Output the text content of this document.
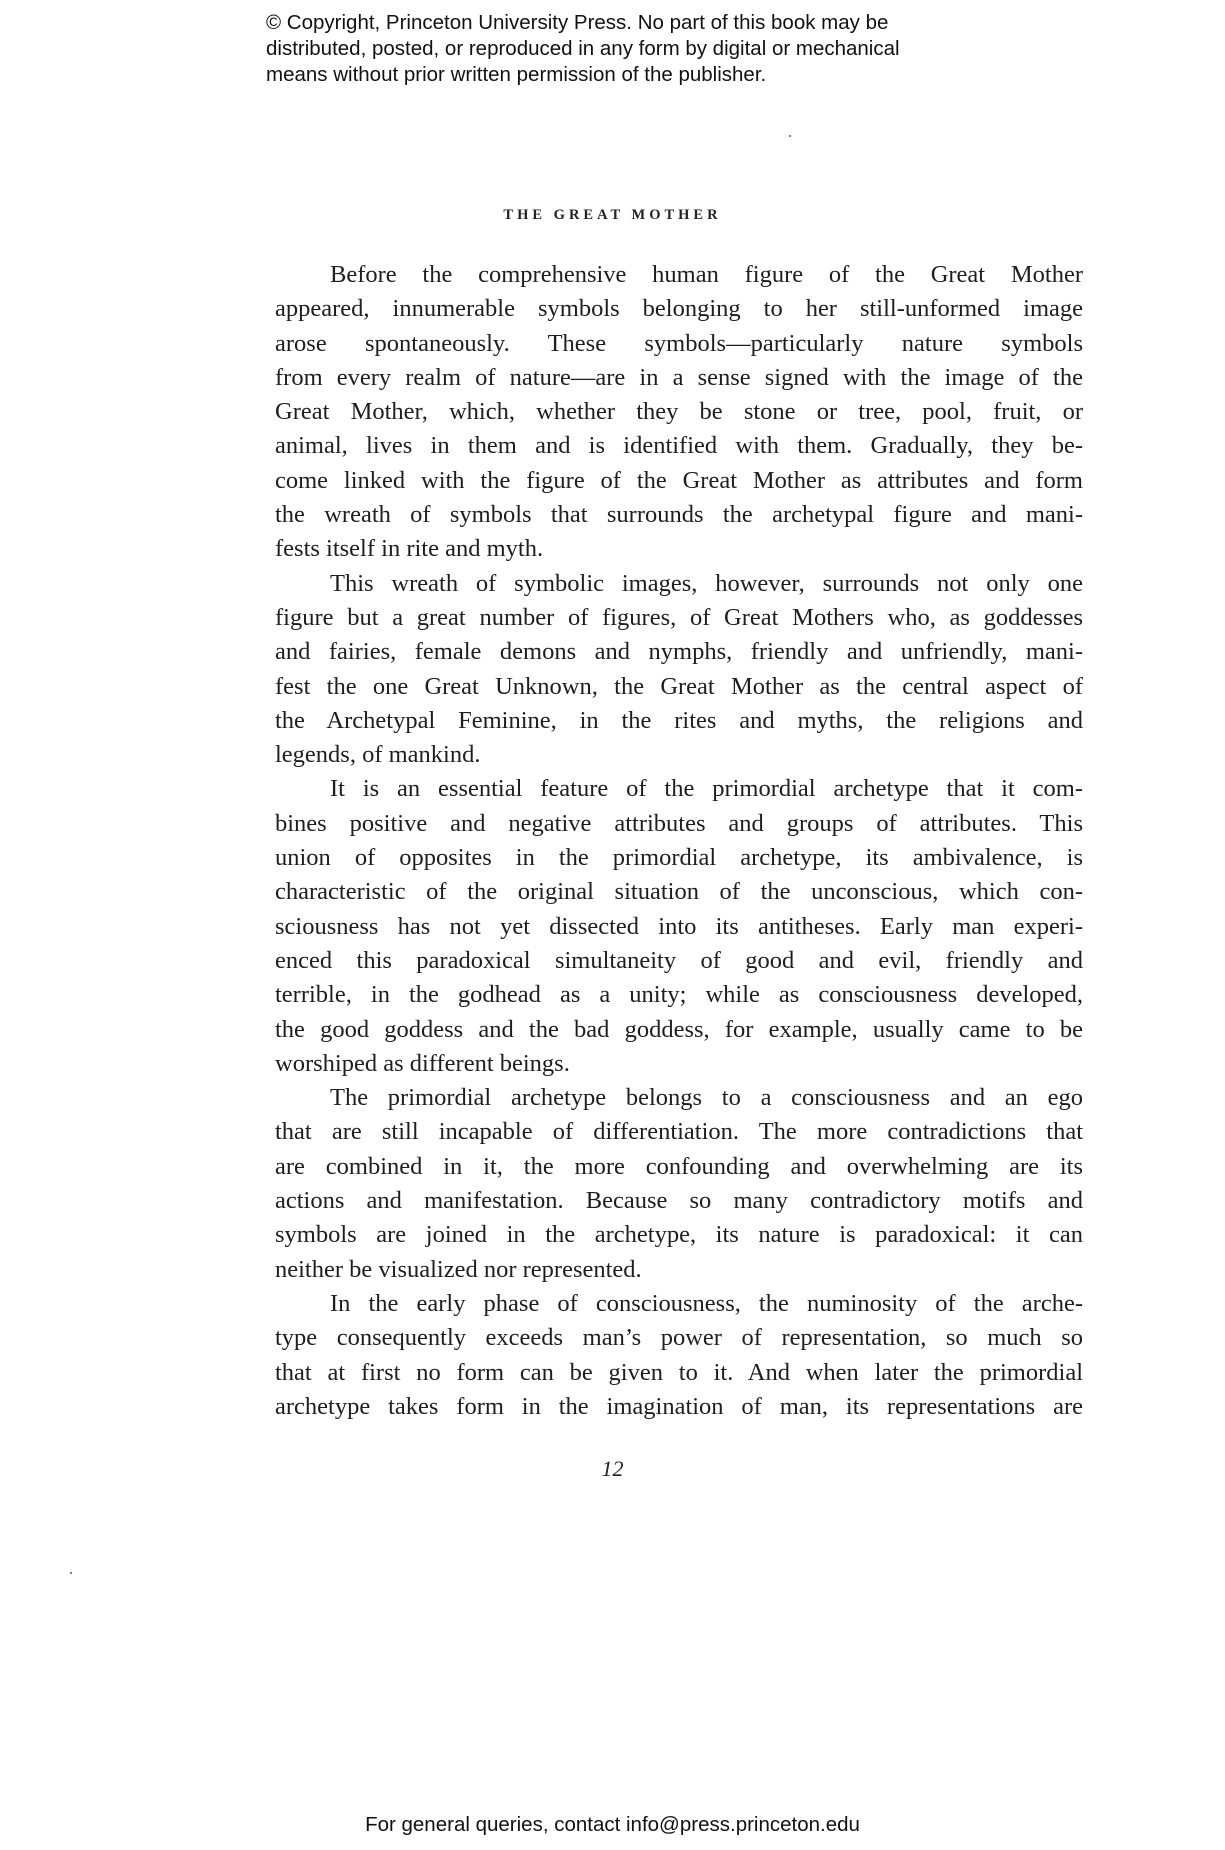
© Copyright, Princeton University Press. No part of this book may be
distributed, posted, or reproduced in any form by digital or mechanical
means without prior written permission of the publisher.
THE GREAT MOTHER
Before the comprehensive human figure of the Great Mother
appeared, innumerable symbols belonging to her still-unformed image
arose spontaneously. These symbols—particularly nature symbols
from every realm of nature—are in a sense signed with the image of the
Great Mother, which, whether they be stone or tree, pool, fruit, or
animal, lives in them and is identified with them. Gradually, they be-
come linked with the figure of the Great Mother as attributes and form
the wreath of symbols that surrounds the archetypal figure and mani-
fests itself in rite and myth.
This wreath of symbolic images, however, surrounds not only one
figure but a great number of figures, of Great Mothers who, as goddesses
and fairies, female demons and nymphs, friendly and unfriendly, mani-
fest the one Great Unknown, the Great Mother as the central aspect of
the Archetypal Feminine, in the rites and myths, the religions and
legends, of mankind.
It is an essential feature of the primordial archetype that it com-
bines positive and negative attributes and groups of attributes. This
union of opposites in the primordial archetype, its ambivalence, is
characteristic of the original situation of the unconscious, which con-
sciousness has not yet dissected into its antitheses. Early man experi-
enced this paradoxical simultaneity of good and evil, friendly and
terrible, in the godhead as a unity; while as consciousness developed,
the good goddess and the bad goddess, for example, usually came to be
worshiped as different beings.
The primordial archetype belongs to a consciousness and an ego
that are still incapable of differentiation. The more contradictions that
are combined in it, the more confounding and overwhelming are its
actions and manifestation. Because so many contradictory motifs and
symbols are joined in the archetype, its nature is paradoxical: it can
neither be visualized nor represented.
In the early phase of consciousness, the numinosity of the arche-
type consequently exceeds man’s power of representation, so much so
that at first no form can be given to it. And when later the primordial
archetype takes form in the imagination of man, its representations are
12
For general queries, contact info@press.princeton.edu
